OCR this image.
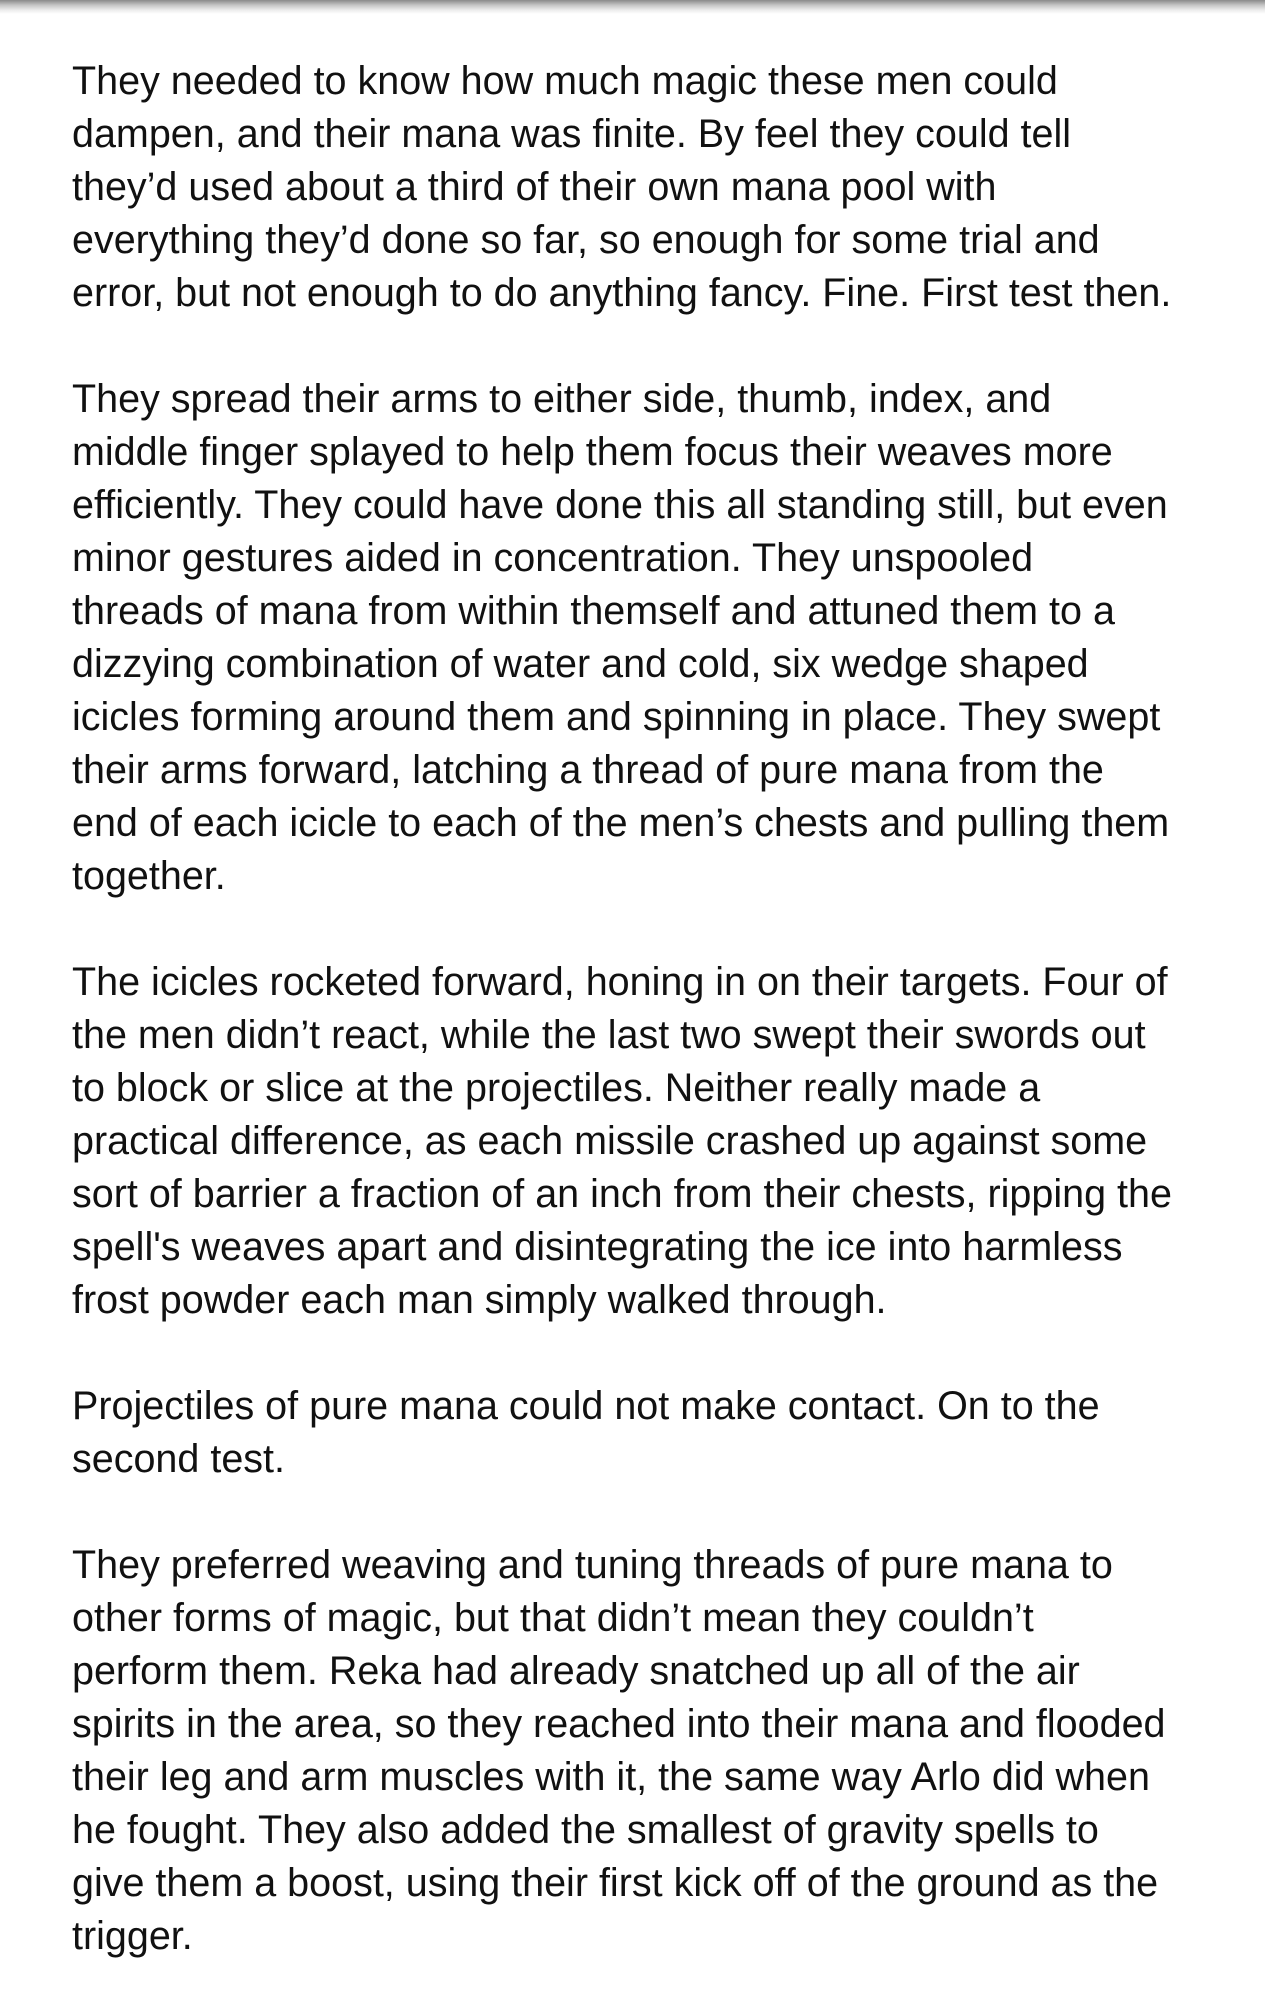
They needed to know how much magic these men could
dampen, and their mana was finite. By feel they could tell
they’d used about a third of their own mana pool with
everything they’d done so far, so enough for some trial and
error, but not enough to do anything fancy. Fine. First test then.

They spread their arms to either side, thumb, index, and
middle finger splayed to help them focus their weaves more
efficiently. They could have done this all standing still, but even
minor gestures aided in concentration. They unspooled
threads of mana from within themself and attuned them to a
dizzying combination of water and cold, six wedge shaped
icicles forming around them and spinning in place. They swept
their arms forward, latching a thread of pure mana from the
end of each icicle to each of the men’s chests and pulling them
together.

The icicles rocketed forward, honing in on their targets. Four of
the men didn’t react, while the last two swept their swords out
to block or slice at the projectiles. Neither really made a
practical difference, as each missile crashed up against some
sort of barrier a fraction of an inch from their chests, ripping the
spell's weaves apart and disintegrating the ice into harmless
frost powder each man simply walked through.

Projectiles of pure mana could not make contact. On to the
second test.

They preferred weaving and tuning threads of pure mana to
other forms of magic, but that didn’t mean they couldn’t
perform them. Reka had already snatched up all of the air
spirits in the area, so they reached into their mana and flooded
their leg and arm muscles with it, the same way Arlo did when
he fought. They also added the smallest of gravity spells to
give them a boost, using their first kick off of the ground as the
trigger.
